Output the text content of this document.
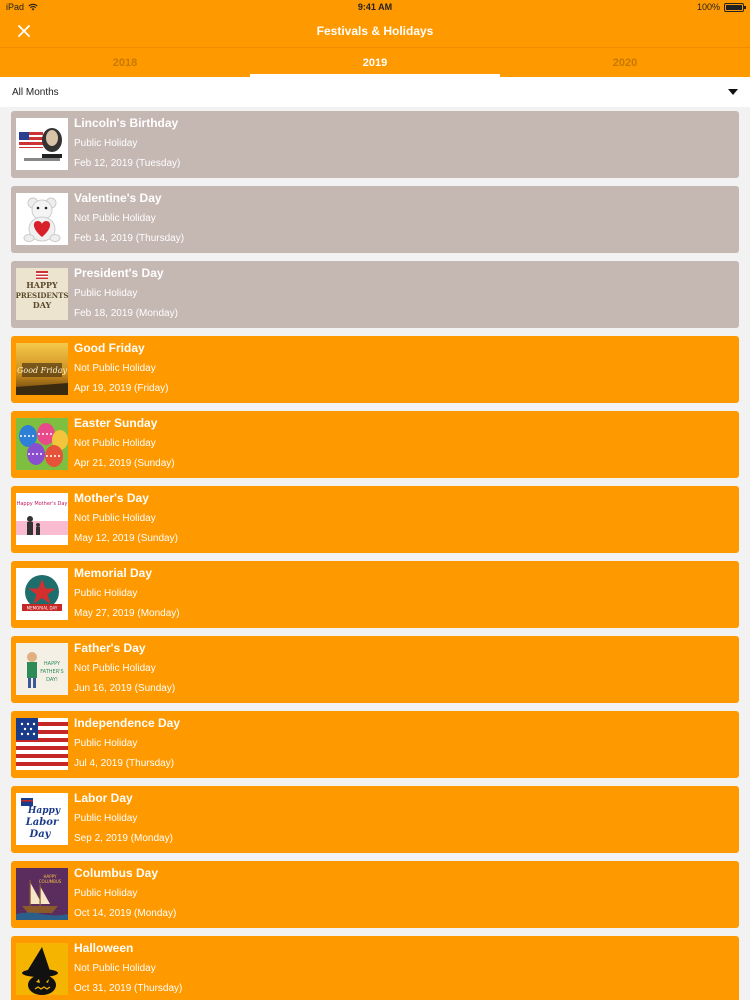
iPad	9:41 AM	100%
Festivals & Holidays
2018	2019	2020
All Months
Lincoln's Birthday
Public Holiday
Feb 12, 2019 (Tuesday)
Valentine's Day
Not Public Holiday
Feb 14, 2019 (Thursday)
HAPPY
PRESIDENTS
DAY
President's Day
Public Holiday
Feb 18, 2019 (Monday)
Good Friday
Good Friday
Not Public Holiday
Apr 19, 2019 (Friday)
Easter Sunday
Not Public Holiday
Apr 21, 2019 (Sunday)
Happy Mother's Day Mother's Day
Not Public Holiday
May 12, 2019 (Sunday)
MEMORIAL DAY
Memorial Day
Public Holiday
May 27, 2019 (Monday)
HAPPY
FATHER'S
DAY!
Father's Day
Not Public Holiday
Jun 16, 2019 (Sunday)
Independence Day
Public Holiday
Jul 4, 2019 (Thursday)
Happy
Labor
Day
Labor Day
Public Holiday
Sep 2, 2019 (Monday)
HAPPY
COLUMBUS
Columbus Day
Public Holiday
Oct 14, 2019 (Monday)
Halloween
Not Public Holiday
Oct 31, 2019 (Thursday)
